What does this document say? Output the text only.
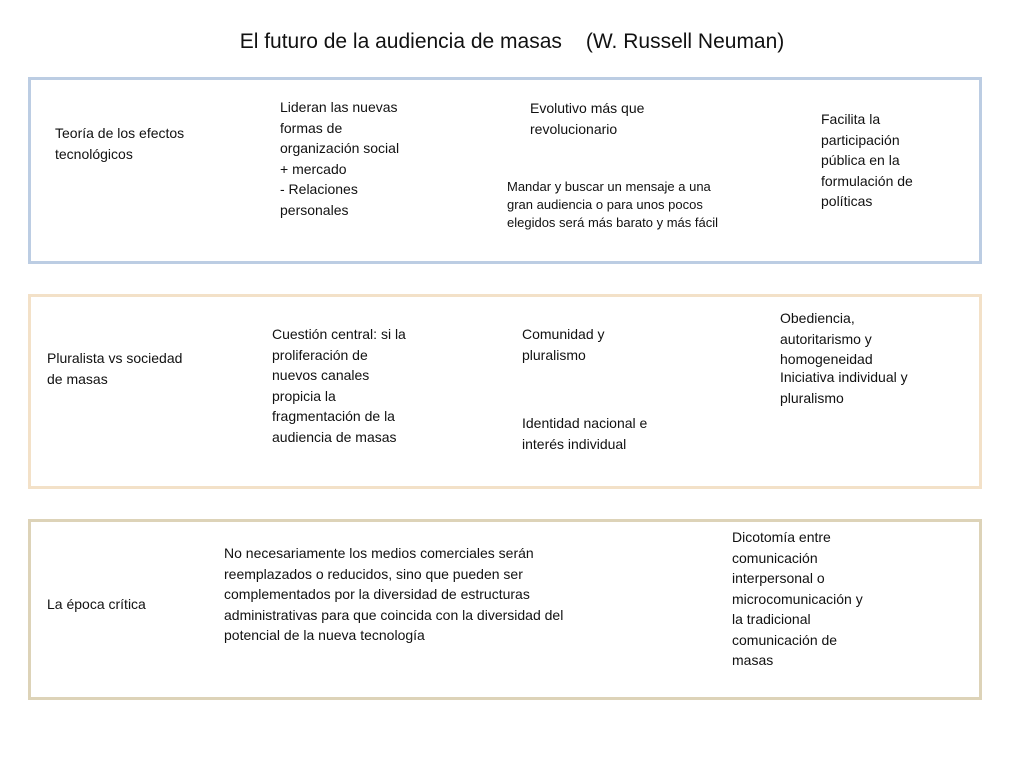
El futuro de la audiencia de masas (W. Russell Neuman)
Teoría de los efectos
tecnológicos
Lideran las nuevas
formas de
organización social
+ mercado
- Relaciones
personales
Evolutivo más que
revolucionario
Mandar y buscar un mensaje a una
gran audiencia o para unos pocos
elegidos será más barato y más fácil
Facilita la
participación
pública en la
formulación de
políticas
Pluralista vs sociedad
de masas
Cuestión central: si la
proliferación de
nuevos canales
propicia la
fragmentación de la
audiencia de masas
Comunidad y
pluralismo
Identidad nacional e
interés individual
Obediencia,
autoritarismo y
homogeneidad
Iniciativa individual y
pluralismo
La época crítica
No necesariamente los medios comerciales serán
reemplazados o reducidos, sino que pueden ser
complementados por la diversidad de estructuras
administrativas para que coincida con la diversidad del
potencial de la nueva tecnología
Dicotomía entre
comunicación
interpersonal o
microcomunicación y
la tradicional
comunicación de
masas
